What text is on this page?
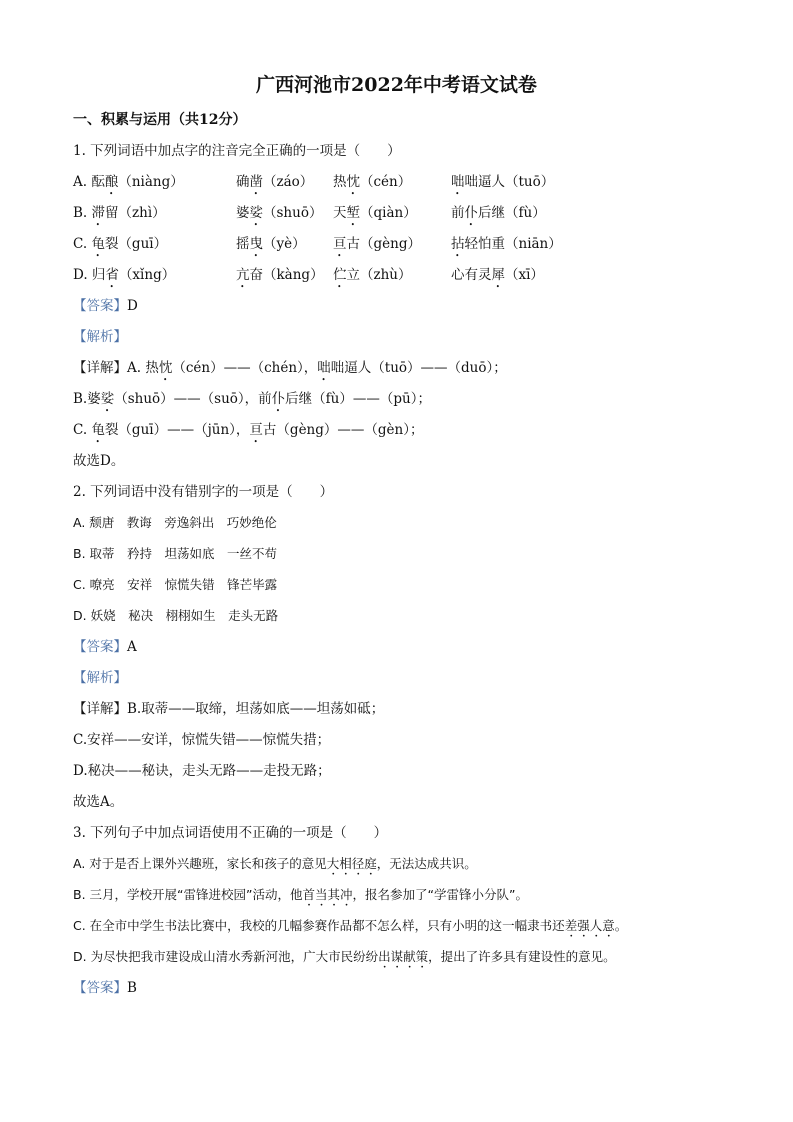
广西河池市2022年中考语文试卷
一、积累与运用（共12分）
1. 下列词语中加点字的注音完全正确的一项是（　　）
A. 酝酿（niàng）	确凿（záo） 热忱（cén）	咄咄逼人（tuō）
B. 滞留（zhì）	婆娑（shuō） 天堑（qiàn）	前仆后继（fù）
C. 龟裂（guī）	摇曳（yè） 亘古（gèng） 拈轻怕重（niān）
D. 归省（xǐng）	亢奋（kàng） 伫立（zhù）	心有灵犀（xī）
【答案】D
【解析】
【详解】A. 热忱（cén）——（chén），咄咄逼人（tuō）——（duō）；
B.婆娑（shuō）——（suō），前仆后继（fù）——（pū）；
C. 龟裂（guī）——（jūn），亘古（gèng）——（gèn）；
故选D。
2. 下列词语中没有错别字的一项是（　　）
A. 颓唐　教诲　旁逸斜出　巧妙绝伦
B. 取蒂　矜持　坦荡如底　一丝不苟
C. 嘹亮　安祥　惊慌失错　锋芒毕露
D. 妖娆　秘决　栩栩如生　走头无路
【答案】A
【解析】
【详解】B.取蒂——取缔，坦荡如底——坦荡如砥；
C.安祥——安详，惊慌失错——惊慌失措；
D.秘决——秘诀，走头无路——走投无路；
故选A。
3. 下列句子中加点词语使用不正确的一项是（　　）
A. 对于是否上课外兴趣班，家长和孩子的意见大相径庭，无法达成共识。
B. 三月，学校开展“雷锋进校园”活动，他首当其冲，报名参加了“学雷锋小分队”。
C. 在全市中学生书法比赛中，我校的几幅参赛作品都不怎么样，只有小明的这一幅隶书还差强人意。
D. 为尽快把我市建设成山清水秀新河池，广大市民纷纷出谋献策，提出了许多具有建设性的意见。
【答案】B
